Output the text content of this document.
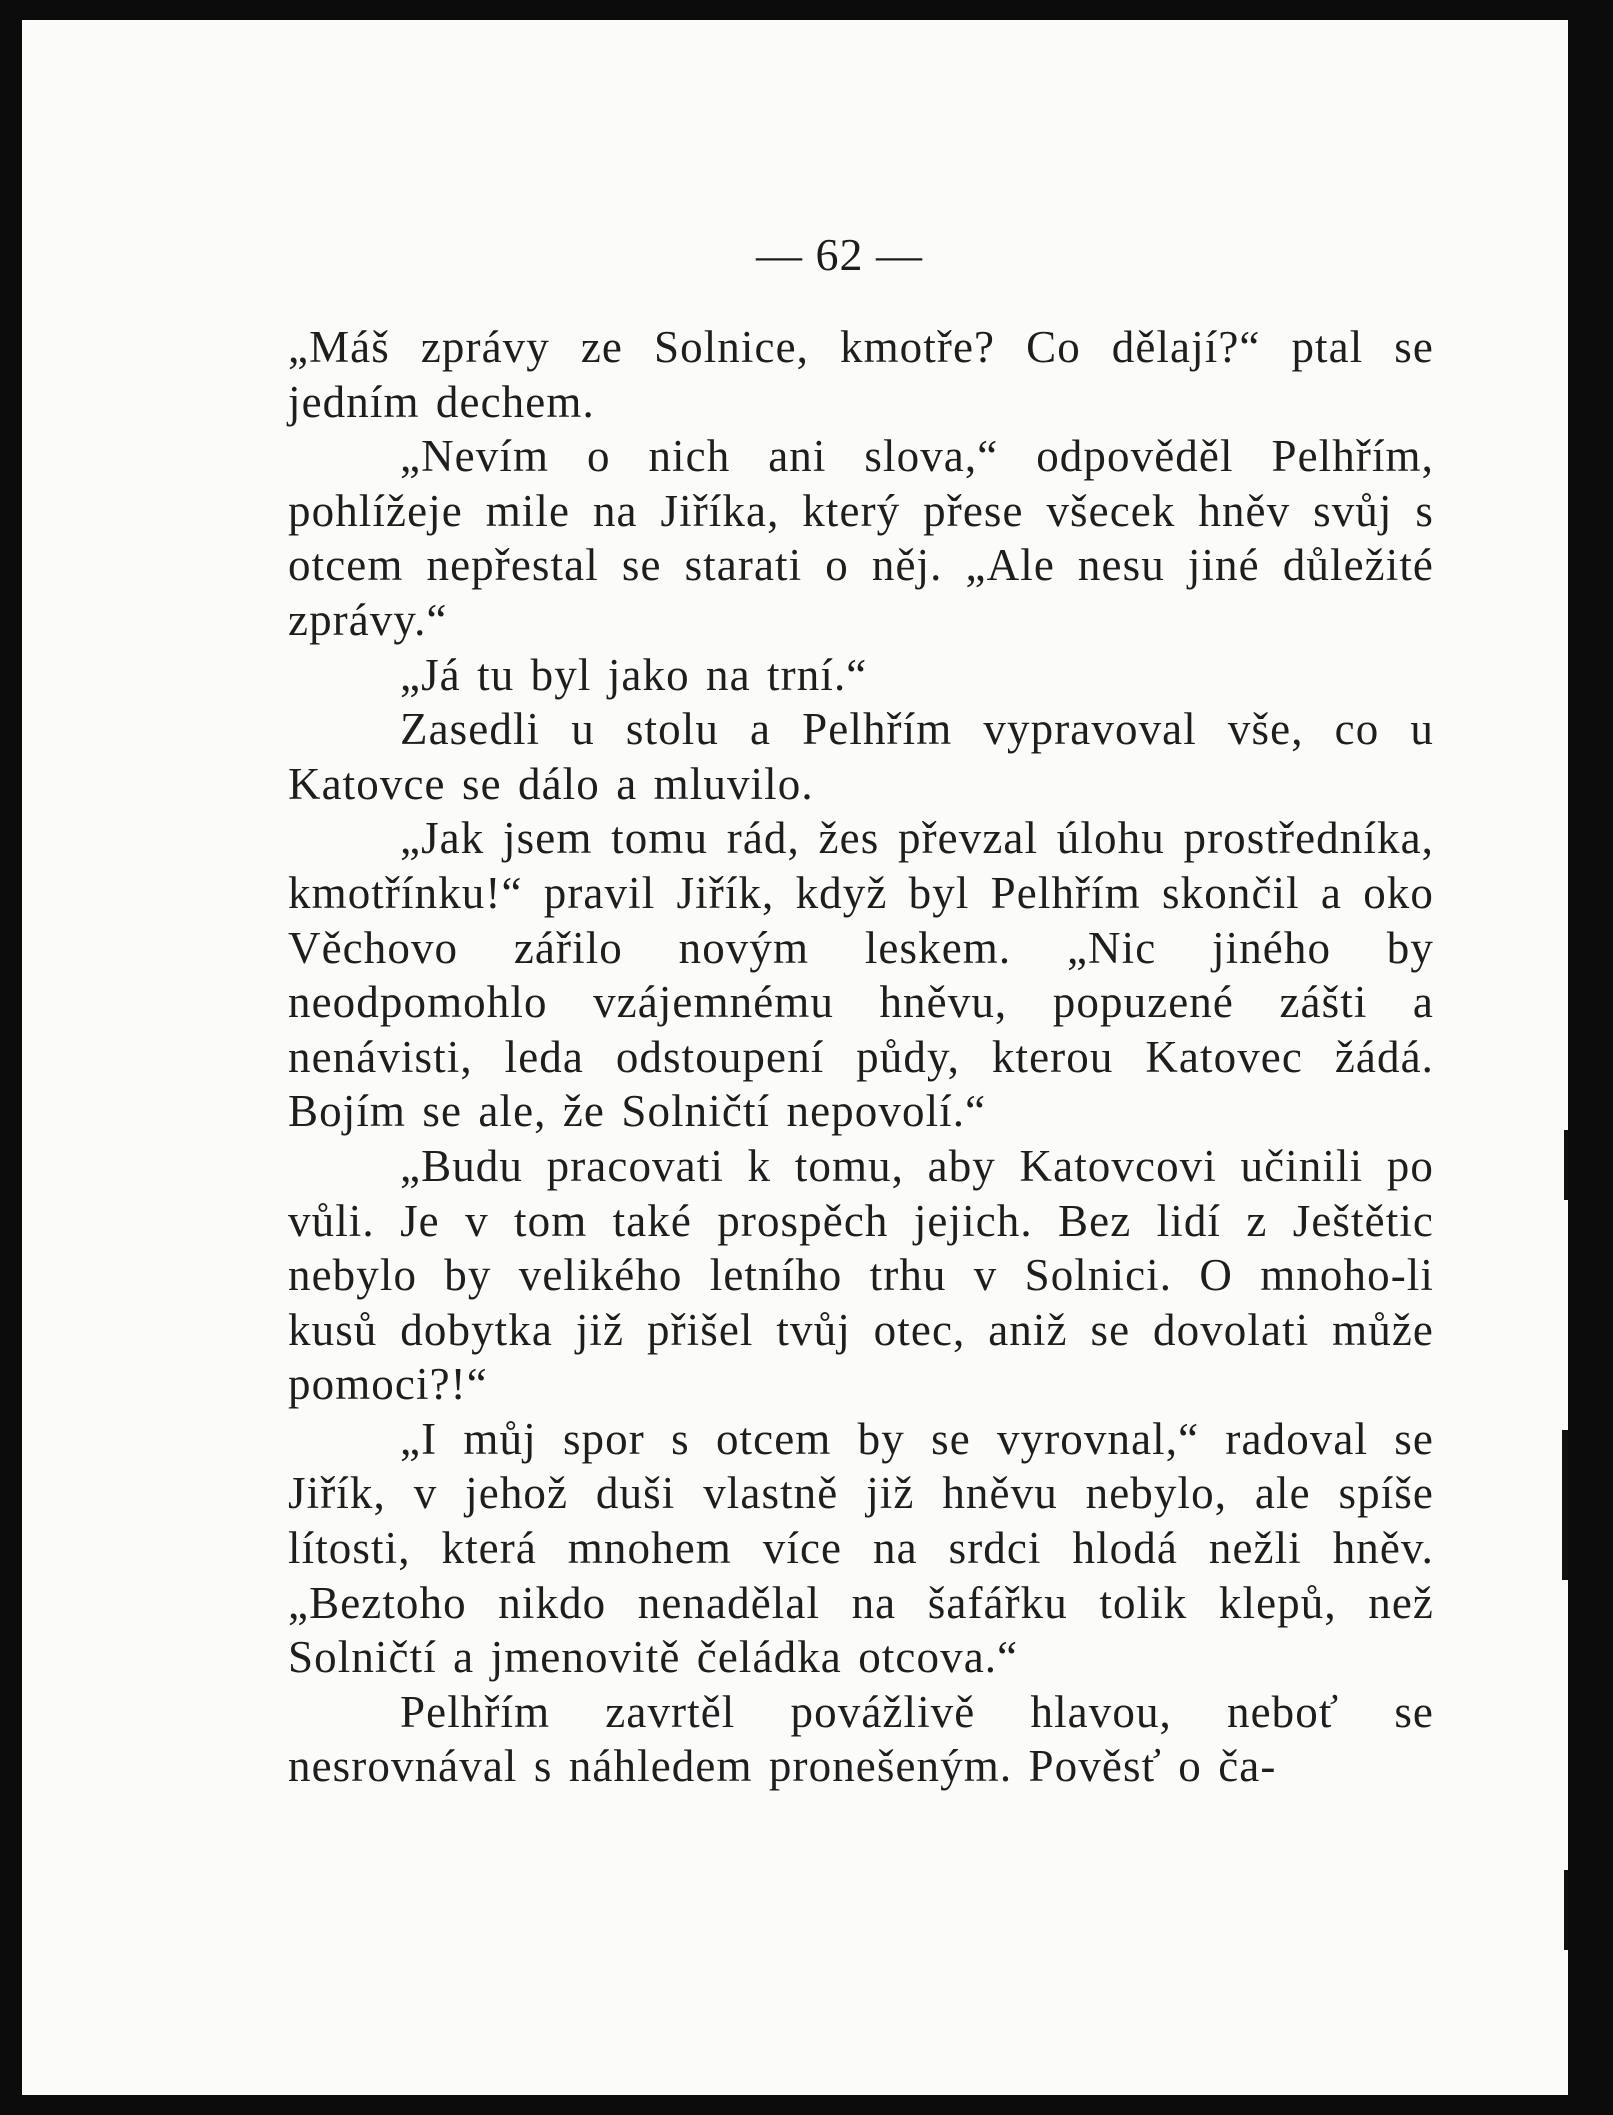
— 62 —

„Máš zprávy ze Solnice, kmotře? Co dělají?“ ptal se jedním dechem.

„Nevím o nich ani slova,“ odpověděl Pelhřím, pohlížeje mile na Jiříka, který přese všecek hněv svůj s otcem nepřestal se starati o něj. „Ale nesu jiné důležité zprávy.“

„Já tu byl jako na trní.“

Zasedli u stolu a Pelhřím vypravoval vše, co u Katovce se dálo a mluvilo.

„Jak jsem tomu rád, žes převzal úlohu prostředníka, kmotřínku!“ pravil Jiřík, když byl Pelhřím skončil a oko Věchovo zářilo novým leskem. „Nic jiného by neodpomohlo vzájemnému hněvu, popuzené zášti a nenávisti, leda odstoupení půdy, kterou Katovec žádá. Bojím se ale, že Solničtí nepovolí.“

„Budu pracovati k tomu, aby Katovcovi učinili po vůli. Je v tom také prospěch jejich. Bez lidí z Ještětic nebylo by velikého letního trhu v Solnici. O mnoho-li kusů dobytka již přišel tvůj otec, aniž se dovolati může pomoci?!“

„I můj spor s otcem by se vyrovnal,“ radoval se Jiřík, v jehož duši vlastně již hněvu nebylo, ale spíše lítosti, která mnohem více na srdci hlodá nežli hněv. „Beztoho nikdo nenadělal na šafářku tolik klepů, než Solničtí a jmenovitě čeládka otcova.“

Pelhřím zavrtěl povážlivě hlavou, neboť se nesrovnával s náhledem pronešeným. Pověsť o ča-
